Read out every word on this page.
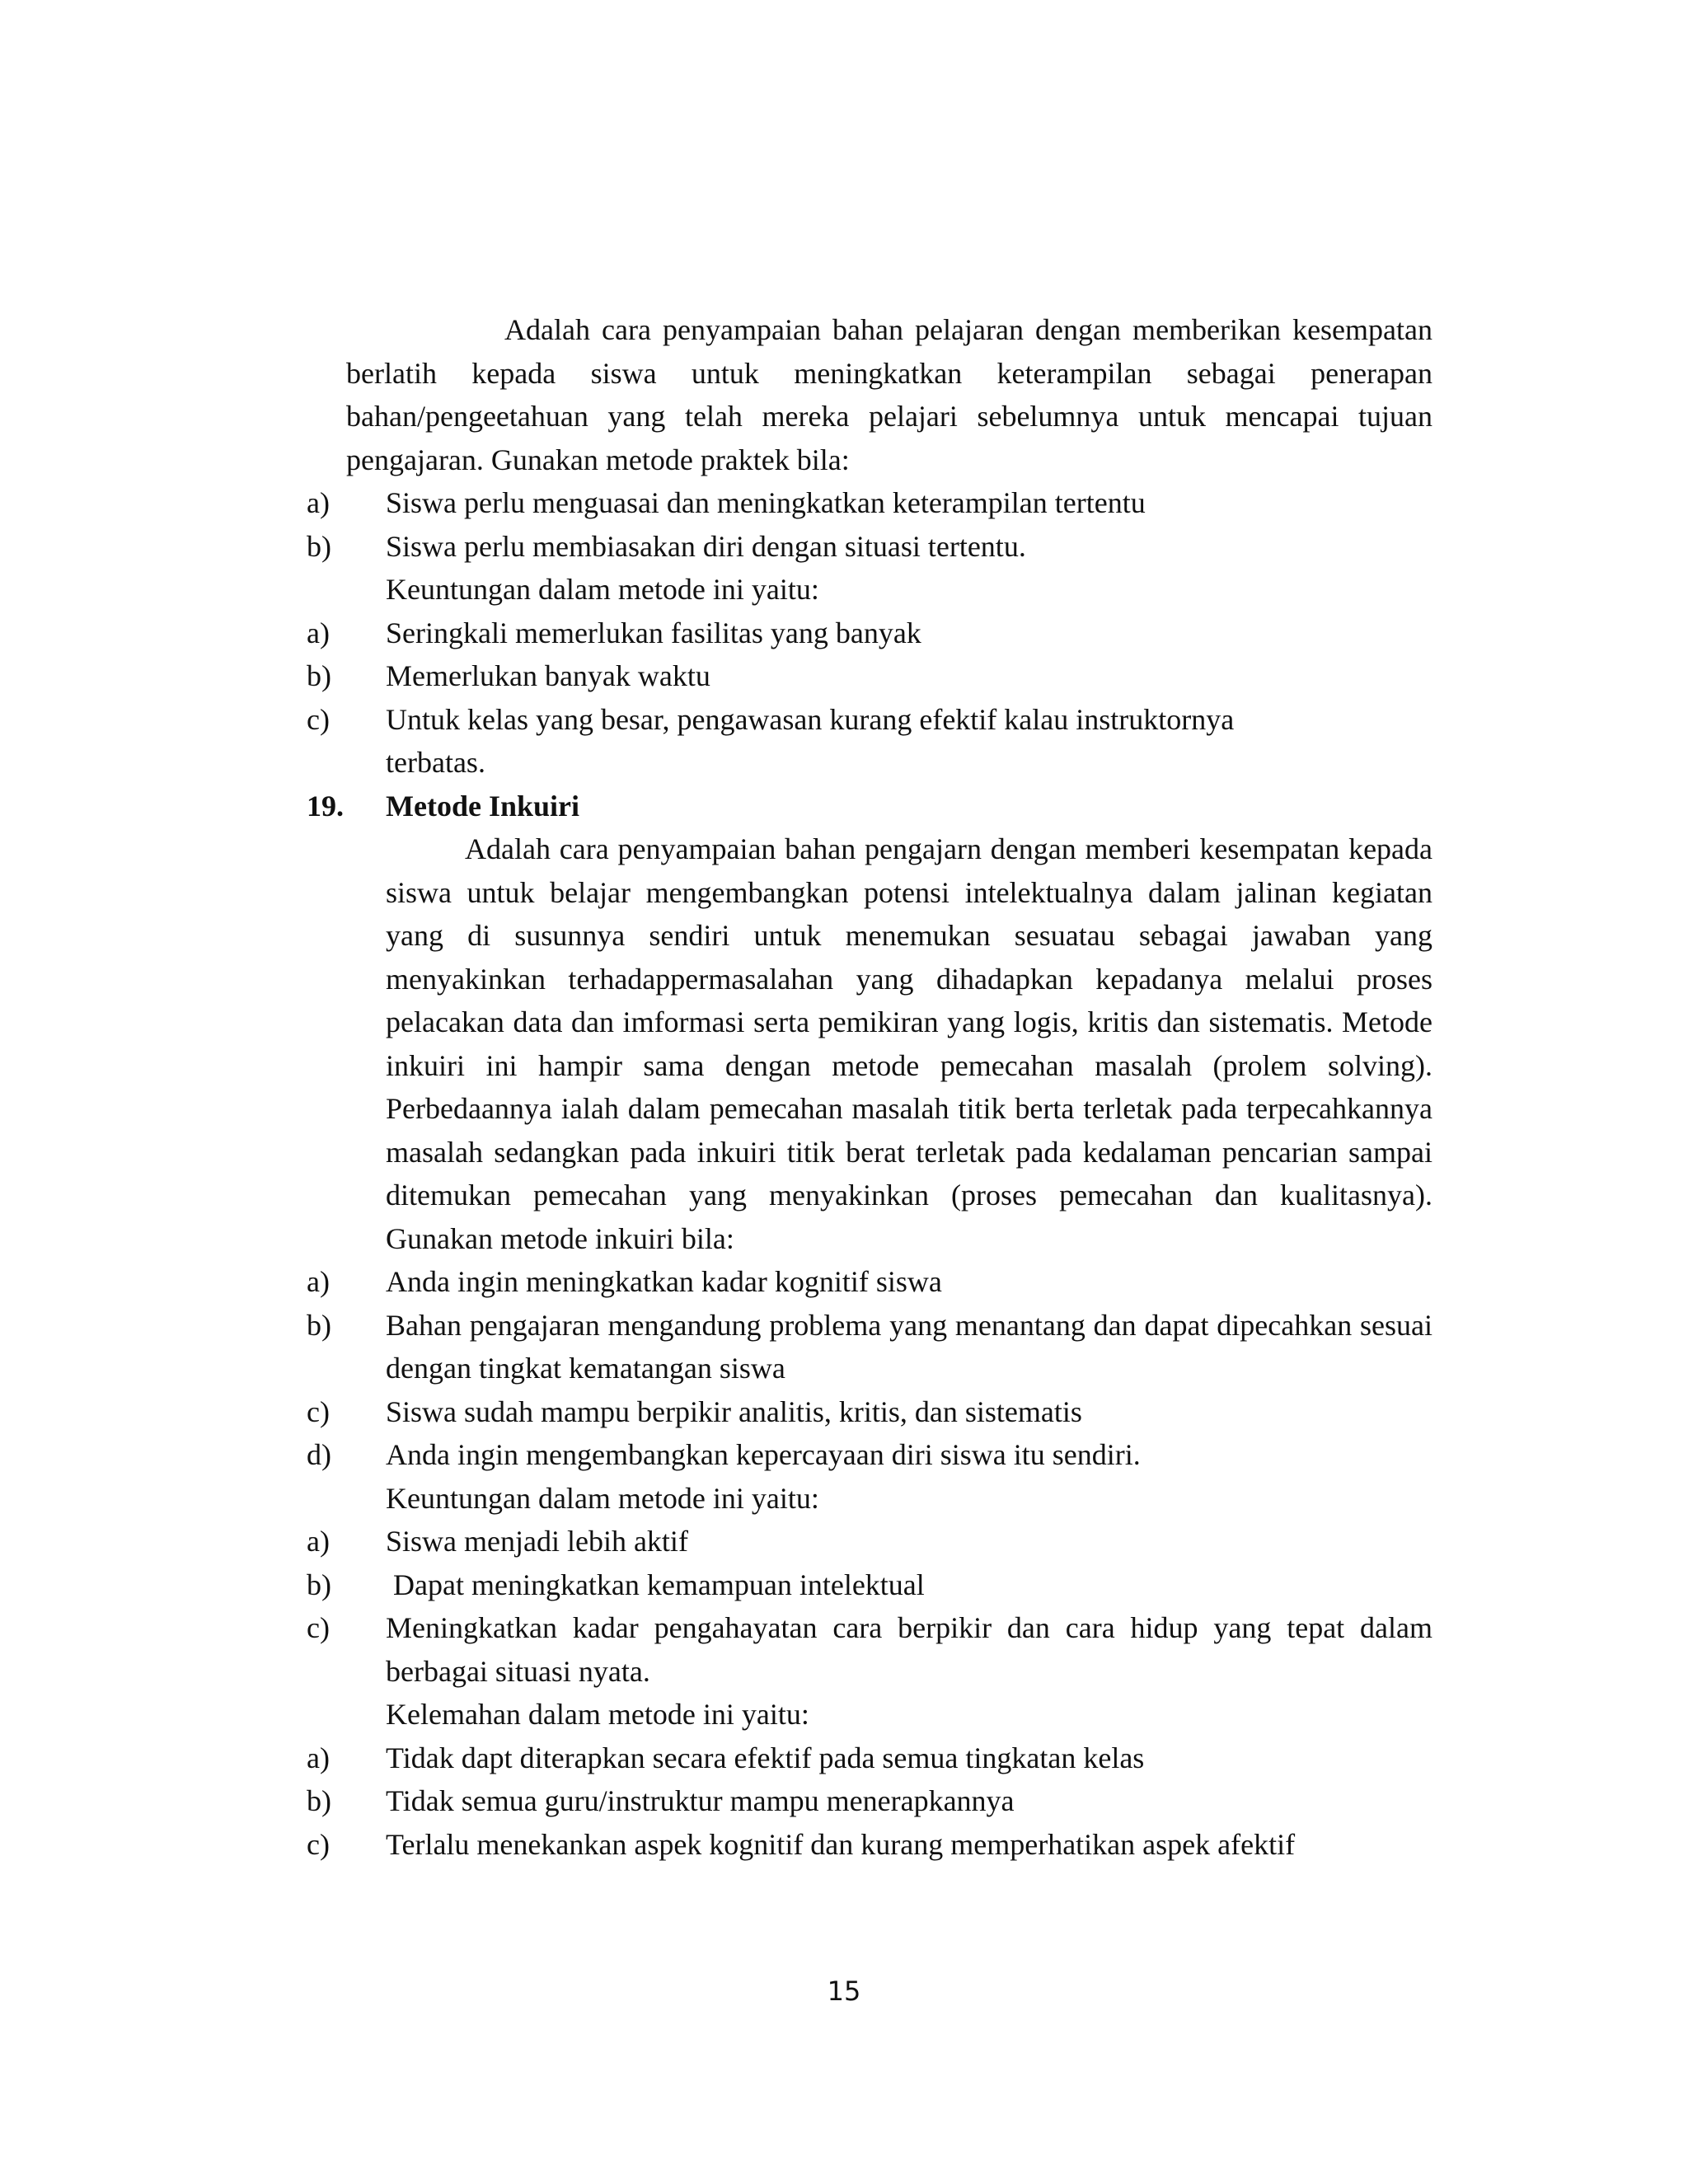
Adalah cara penyampaian bahan pelajaran dengan memberikan kesempatan berlatih kepada siswa untuk meningkatkan keterampilan sebagai penerapan bahan/pengeetahuan yang telah mereka pelajari sebelumnya untuk mencapai tujuan pengajaran. Gunakan metode praktek bila:

a)	Siswa perlu menguasai dan meningkatkan keterampilan tertentu
b)	Siswa perlu membiasakan diri dengan situasi tertentu.

Keuntungan dalam metode ini yaitu:

a)	Seringkali memerlukan fasilitas yang banyak
b)	Memerlukan banyak waktu
c)	Untuk kelas yang besar, pengawasan kurang efektif kalau instruktornya terbatas.
19.	Metode Inkuiri

Adalah cara penyampaian bahan pengajarn dengan memberi kesempatan kepada siswa untuk belajar mengembangkan potensi intelektualnya dalam jalinan kegiatan yang di susunnya sendiri untuk menemukan sesuatau sebagai jawaban yang menyakinkan terhadappermasalahan yang dihadapkan kepadanya melalui proses pelacakan data dan imformasi serta pemikiran yang logis, kritis dan sistematis. Metode inkuiri ini hampir sama dengan metode pemecahan masalah (prolem solving). Perbedaannya ialah dalam pemecahan masalah titik berta terletak pada terpecahkannya masalah sedangkan pada inkuiri titik berat terletak pada kedalaman pencarian sampai ditemukan pemecahan yang menyakinkan (proses pemecahan dan kualitasnya). Gunakan metode inkuiri bila:

a)	Anda ingin meningkatkan kadar kognitif siswa
b)	Bahan pengajaran mengandung problema yang menantang dan dapat dipecahkan sesuai dengan tingkat kematangan siswa
c)	Siswa sudah mampu berpikir analitis, kritis, dan sistematis
d)	Anda ingin mengembangkan kepercayaan diri siswa itu sendiri.

Keuntungan dalam metode ini yaitu:

a)	Siswa menjadi lebih aktif
b)	Dapat meningkatkan kemampuan intelektual
c)	Meningkatkan kadar pengahayatan cara berpikir dan cara hidup yang tepat dalam berbagai situasi nyata.

Kelemahan dalam metode ini yaitu:

a)	Tidak dapt diterapkan secara efektif pada semua tingkatan kelas
b)	Tidak semua guru/instruktur mampu menerapkannya
c)	Terlalu menekankan aspek kognitif dan kurang memperhatikan aspek afektif
15
